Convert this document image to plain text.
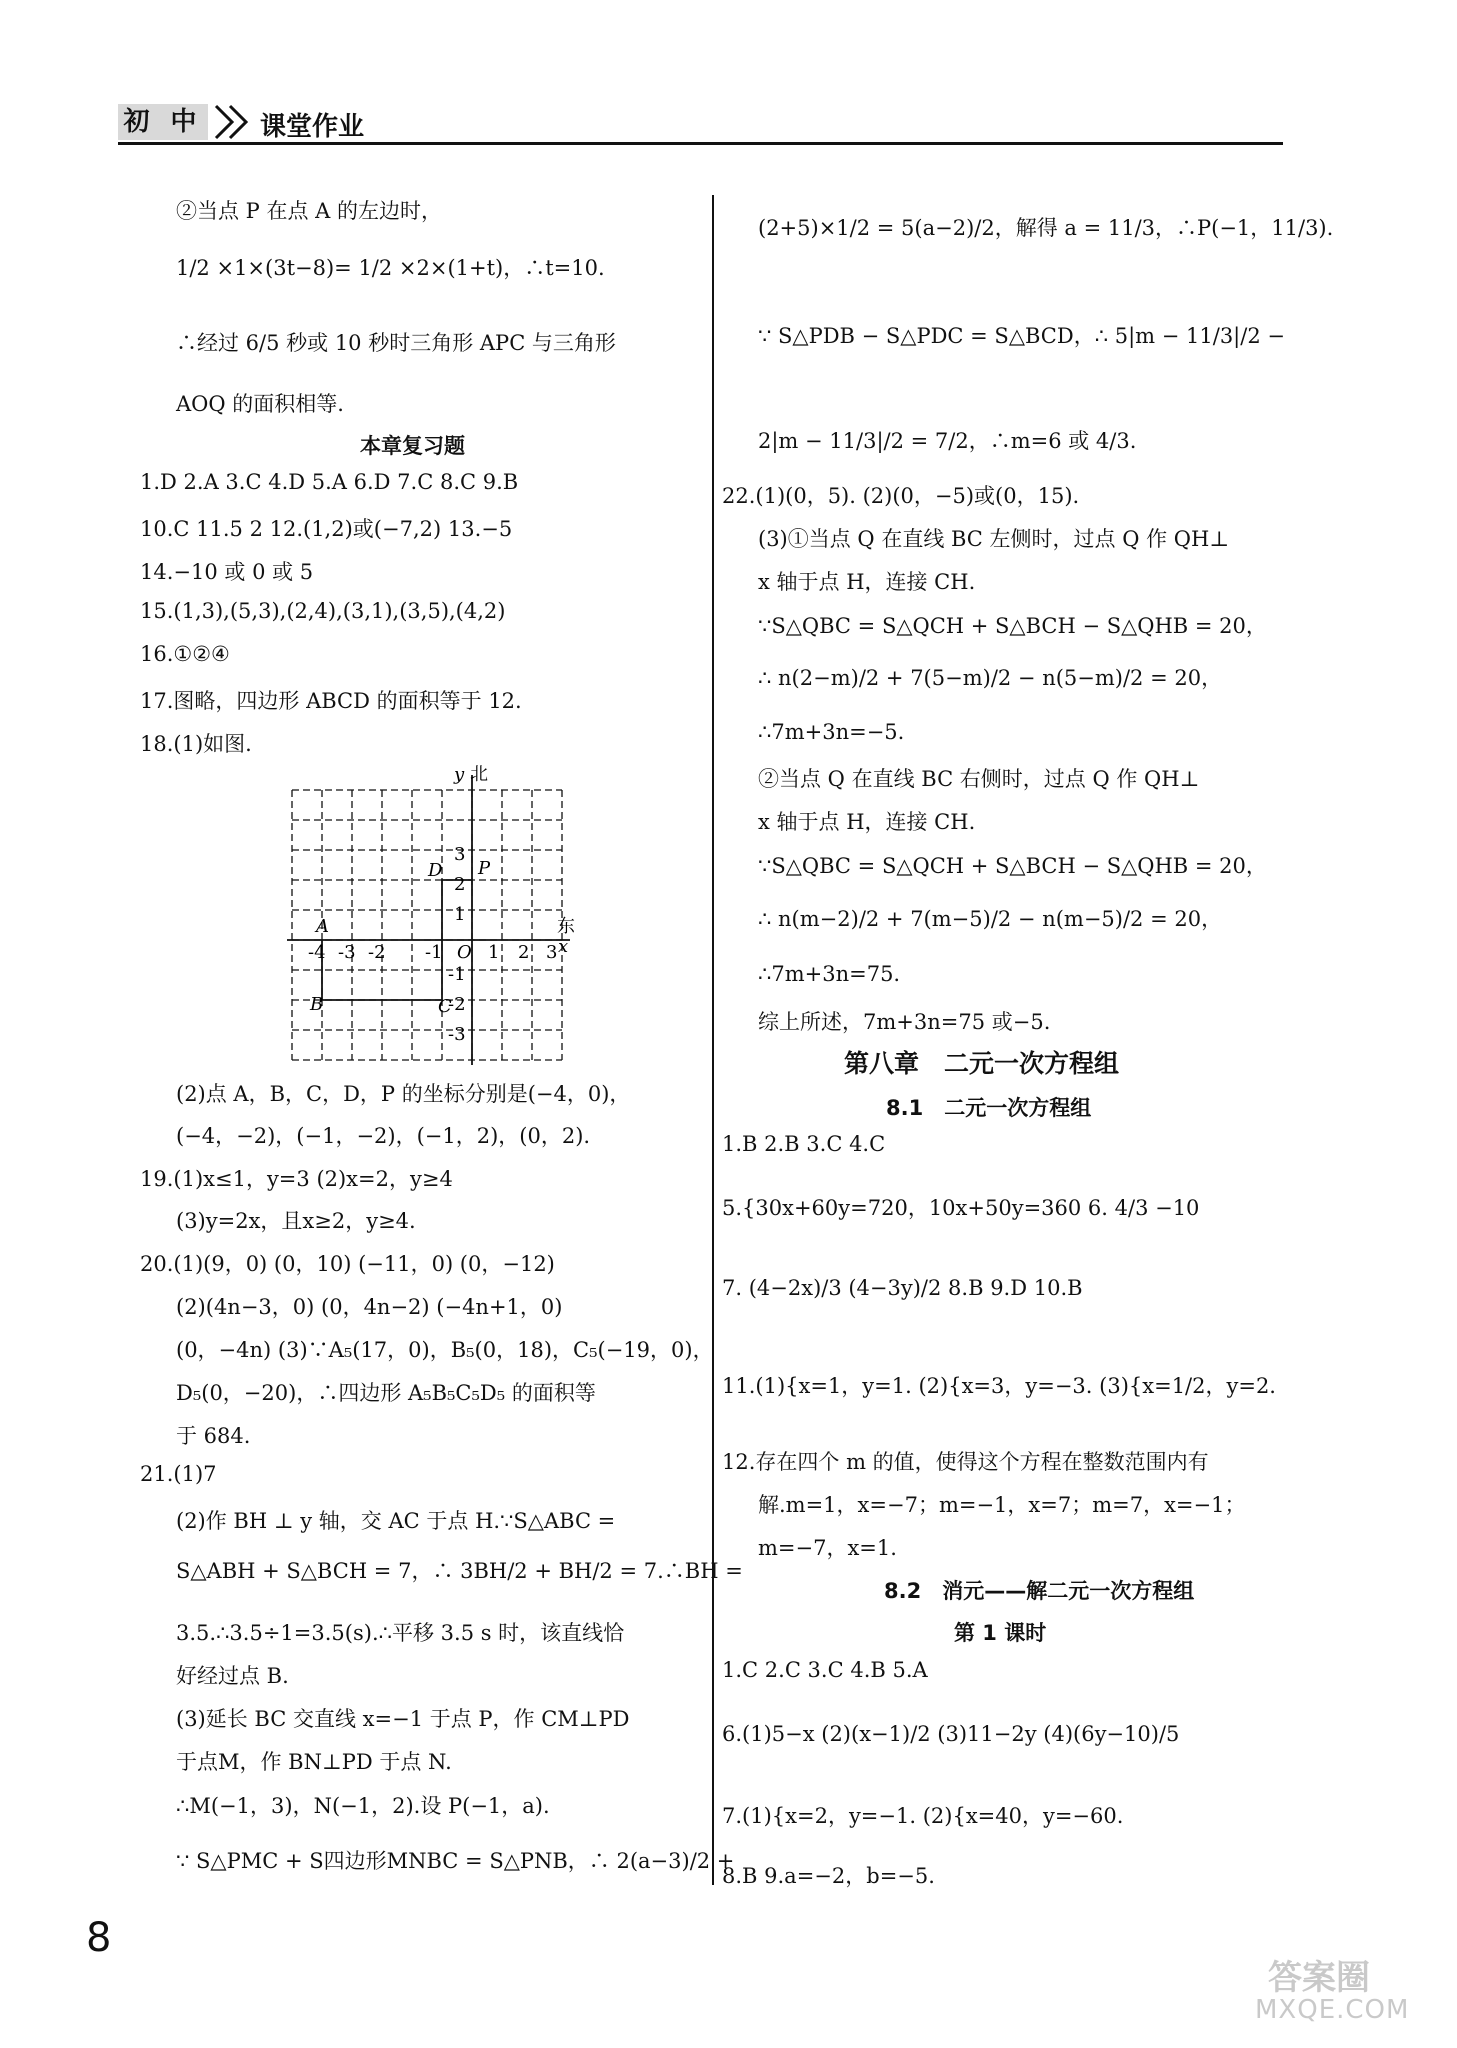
初 中 课堂作业
②当点 P 在点 A 的左边时，
1/2 ×1×(3t−8)= 1/2 ×2×(1+t)，∴t=10.
∴经过 6/5 秒或 10 秒时三角形 APC 与三角形
AOQ 的面积相等.
本章复习题
1.D 2.A 3.C 4.D 5.A 6.D 7.C 8.C 9.B
10.C 11.5 2 12.(1,2)或(−7,2) 13.−5
14.−10 或 0 或 5
15.(1,3),(5,3),(2,4),(3,1),(3,5),(4,2)
16.①②④
17.图略，四边形 ABCD 的面积等于 12.
18.(1)如图.
(2)点 A，B，C，D，P 的坐标分别是(−4，0)，
(−4，−2)，(−1，−2)，(−1，2)，(0，2).
19.(1)x≤1，y=3 (2)x=2，y≥4
(3)y=2x，且x≥2，y≥4.
20.(1)(9，0) (0，10) (−11，0) (0，−12)
(2)(4n−3，0) (0，4n−2) (−4n+1，0)
(0，−4n) (3)∵A₅(17，0)，B₅(0，18)，C₅(−19，0)，
D₅(0，−20)，∴四边形 A₅B₅C₅D₅ 的面积等
于 684.
21.(1)7
(2)作 BH ⊥ y 轴，交 AC 于点 H.∵S△ABC =
S△ABH + S△BCH = 7，∴ 3BH/2 + BH/2 = 7.∴BH =
3.5.∴3.5÷1=3.5(s).∴平移 3.5 s 时，该直线恰
好经过点 B.
(3)延长 BC 交直线 x=−1 于点 P，作 CM⊥PD
于点M，作 BN⊥PD 于点 N.
∴M(−1，3)，N(−1，2).设 P(−1，a).
∵ S△PMC + S四边形MNBC = S△PNB，∴ 2(a−3)/2 +
y 北
东
x
O
-4 -3 -2 -1	1 2 3
3
2
1
-1
-2
-3
A
B	C
D P
(2+5)×1/2 = 5(a−2)/2，解得 a = 11/3，∴P(−1，11/3).
∵ S△PDB − S△PDC = S△BCD，∴ 5|m − 11/3|/2 −
2|m − 11/3|/2 = 7/2，∴m=6 或 4/3.
22.(1)(0，5). (2)(0，−5)或(0，15).
(3)①当点 Q 在直线 BC 左侧时，过点 Q 作 QH⊥
x 轴于点 H，连接 CH.
∵S△QBC = S△QCH + S△BCH − S△QHB = 20，
∴ n(2−m)/2 + 7(5−m)/2 − n(5−m)/2 = 20，
∴7m+3n=−5.
②当点 Q 在直线 BC 右侧时，过点 Q 作 QH⊥
x 轴于点 H，连接 CH.
∵S△QBC = S△QCH + S△BCH − S△QHB = 20，
∴ n(m−2)/2 + 7(m−5)/2 − n(m−5)/2 = 20，
∴7m+3n=75.
综上所述，7m+3n=75 或−5.
第八章　二元一次方程组
8.1　二元一次方程组
1.B 2.B 3.C 4.C
5.{30x+60y=720，10x+50y=360 6. 4/3 −10
7. (4−2x)/3 (4−3y)/2 8.B 9.D 10.B
11.(1){x=1，y=1. (2){x=3，y=−3. (3){x=1/2，y=2.
12.存在四个 m 的值，使得这个方程在整数范围内有
解.m=1，x=−7；m=−1，x=7；m=7，x=−1；
m=−7，x=1.
8.2　消元——解二元一次方程组
第 1 课时
1.C 2.C 3.C 4.B 5.A
6.(1)5−x (2)(x−1)/2 (3)11−2y (4)(6y−10)/5
7.(1){x=2，y=−1. (2){x=40，y=−60.
8.B 9.a=−2，b=−5.
8
答案圈
MXQE.COM
